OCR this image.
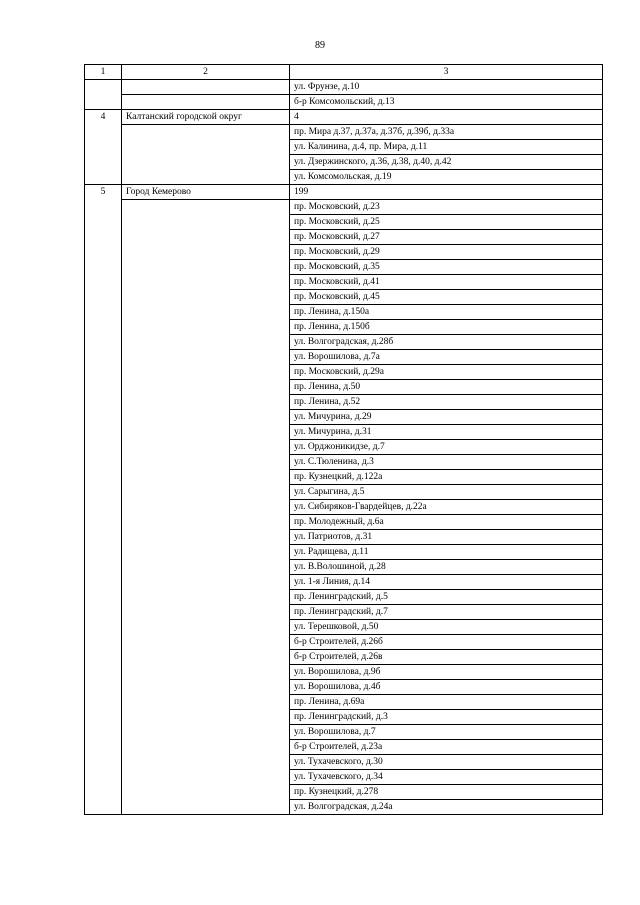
89
1	2	3
		ул. Фрунзе, д.10
		б-р Комсомольский, д.13
4	Калтанский городской округ	4
		пр. Мира д.37, д.37а, д.37б, д.39б, д.33а
		ул. Калинина, д.4, пр. Мира, д.11
		ул. Дзержинского, д.36, д.38, д.40, д.42
		ул. Комсомольская, д.19
5	Город Кемерово	199
		пр. Московский, д.23
		пр. Московский, д.25
		пр. Московский, д.27
		пр. Московский, д.29
		пр. Московский, д.35
		пр. Московский, д.41
		пр. Московский, д.45
		пр. Ленина, д.150а
		пр. Ленина, д.150б
		ул. Волгоградская, д.28б
		ул. Ворошилова, д.7а
		пр. Московский, д.29а
		пр. Ленина, д.50
		пр. Ленина, д.52
		ул. Мичурина, д.29
		ул. Мичурина, д.31
		ул. Орджоникидзе, д.7
		ул. С.Тюленина, д.3
		пр. Кузнецкий, д.122а
		ул. Сарыгина, д.5
		ул. Сибиряков-Гвардейцев, д.22а
		пр. Молодежный, д.6а
		ул. Патриотов, д.31
		ул. Радищева, д.11
		ул. В.Волошиной, д.28
		ул. 1-я Линия, д.14
		пр. Ленинградский, д.5
		пр. Ленинградский, д.7
		ул. Терешковой, д.50
		б-р Строителей, д.26б
		б-р Строителей, д.26в
		ул. Ворошилова, д.9б
		ул. Ворошилова, д.4б
		пр. Ленина, д.69а
		пр. Ленинградский, д.3
		ул. Ворошилова, д.7
		б-р Строителей, д.23а
		ул. Тухачевского, д.30
		ул. Тухачевского, д.34
		пр. Кузнецкий, д.278
		ул. Волгоградская, д.24а
